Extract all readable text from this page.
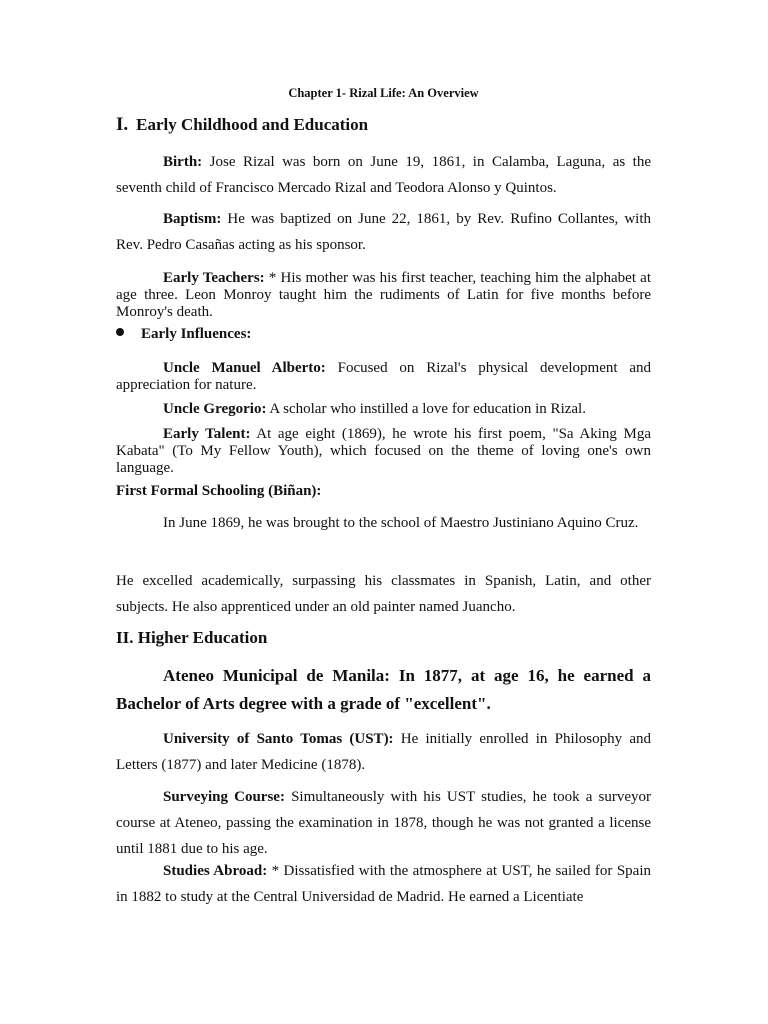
Chapter 1- Rizal Life: An Overview
I. Early Childhood and Education
Birth: Jose Rizal was born on June 19, 1861, in Calamba, Laguna, as the seventh child of Francisco Mercado Rizal and Teodora Alonso y Quintos.
Baptism: He was baptized on June 22, 1861, by Rev. Rufino Collantes, with Rev. Pedro Casañas acting as his sponsor.
Early Teachers: * His mother was his first teacher, teaching him the alphabet at age three. Leon Monroy taught him the rudiments of Latin for five months before Monroy's death.
Early Influences:
Uncle Manuel Alberto: Focused on Rizal's physical development and appreciation for nature.
Uncle Gregorio: A scholar who instilled a love for education in Rizal.
Early Talent: At age eight (1869), he wrote his first poem, "Sa Aking Mga Kabata" (To My Fellow Youth), which focused on the theme of loving one's own language.
First Formal Schooling (Biñan):
In June 1869, he was brought to the school of Maestro Justiniano Aquino Cruz.
He excelled academically, surpassing his classmates in Spanish, Latin, and other subjects. He also apprenticed under an old painter named Juancho.
II. Higher Education
Ateneo Municipal de Manila: In 1877, at age 16, he earned a Bachelor of Arts degree with a grade of "excellent".
University of Santo Tomas (UST): He initially enrolled in Philosophy and Letters (1877) and later Medicine (1878).
Surveying Course: Simultaneously with his UST studies, he took a surveyor course at Ateneo, passing the examination in 1878, though he was not granted a license until 1881 due to his age.
Studies Abroad: * Dissatisfied with the atmosphere at UST, he sailed for Spain in 1882 to study at the Central Universidad de Madrid. He earned a Licentiate
